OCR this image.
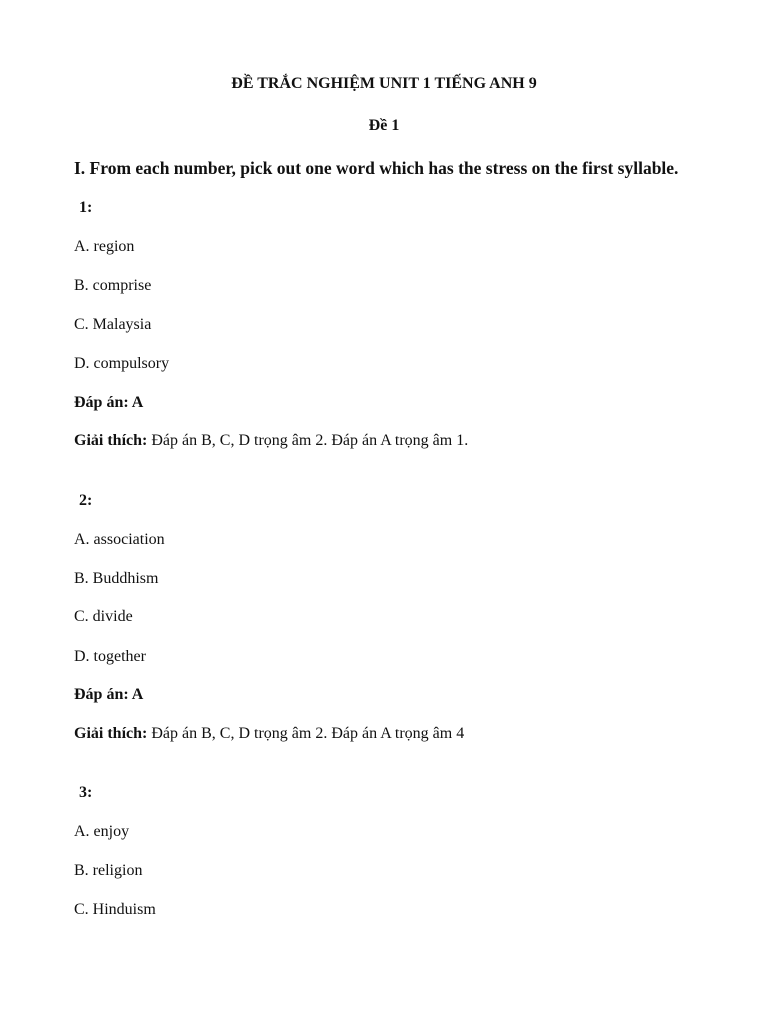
ĐỀ TRẮC NGHIỆM UNIT 1 TIẾNG ANH 9
Đề 1
I. From each number, pick out one word which has the stress on the first syllable.
1:
A. region
B. comprise
C. Malaysia
D. compulsory
Đáp án: A
Giải thích: Đáp án B, C, D trọng âm 2. Đáp án A trọng âm 1.
2:
A. association
B. Buddhism
C. divide
D. together
Đáp án: A
Giải thích: Đáp án B, C, D trọng âm 2. Đáp án A trọng âm 4
3:
A. enjoy
B. religion
C. Hinduism
